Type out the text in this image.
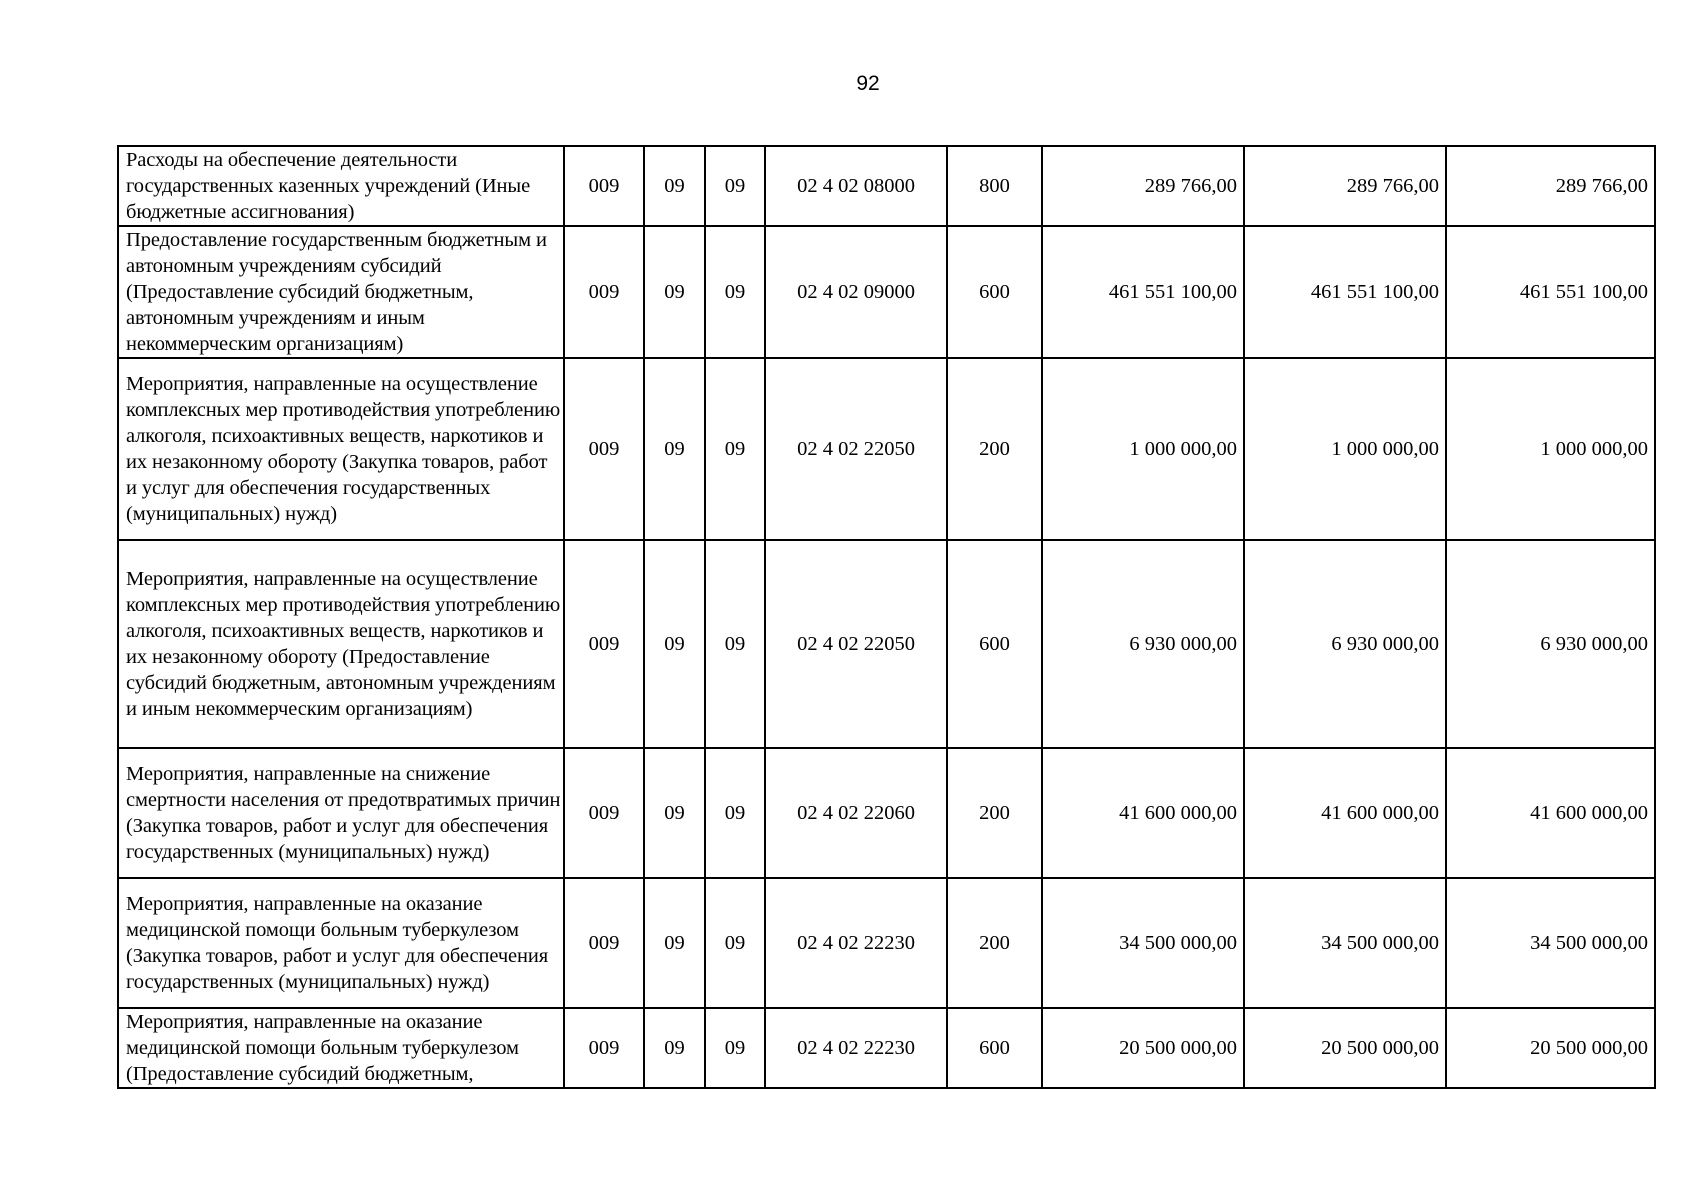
92
Расходы на обеспечение деятельности государственных казенных учреждений (Иные бюджетные ассигнования)	009	09	09	02 4 02 08000	800	289 766,00	289 766,00	289 766,00

Предоставление государственным бюджетным и автономным учреждениям субсидий (Предоставление субсидий бюджетным, автономным учреждениям и иным некоммерческим организациям)	009	09	09	02 4 02 09000	600	461 551 100,00	461 551 100,00	461 551 100,00

Мероприятия, направленные на осуществление комплексных мер противодействия употреблению алкоголя, психоактивных веществ, наркотиков и их незаконному обороту (Закупка товаров, работ и услуг для обеспечения государственных (муниципальных) нужд)	009	09	09	02 4 02 22050	200	1 000 000,00	1 000 000,00	1 000 000,00

Мероприятия, направленные на осуществление комплексных мер противодействия употреблению алкоголя, психоактивных веществ, наркотиков и их незаконному обороту (Предоставление субсидий бюджетным, автономным учреждениям и иным некоммерческим организациям)	009	09	09	02 4 02 22050	600	6 930 000,00	6 930 000,00	6 930 000,00

Мероприятия, направленные на снижение смертности населения от предотвратимых причин (Закупка товаров, работ и услуг для обеспечения государственных (муниципальных) нужд)	009	09	09	02 4 02 22060	200	41 600 000,00	41 600 000,00	41 600 000,00

Мероприятия, направленные на оказание медицинской помощи больным туберкулезом (Закупка товаров, работ и услуг для обеспечения государственных (муниципальных) нужд)	009	09	09	02 4 02 22230	200	34 500 000,00	34 500 000,00	34 500 000,00

Мероприятия, направленные на оказание медицинской помощи больным туберкулезом (Предоставление субсидий бюджетным,	009	09	09	02 4 02 22230	600	20 500 000,00	20 500 000,00	20 500 000,00
